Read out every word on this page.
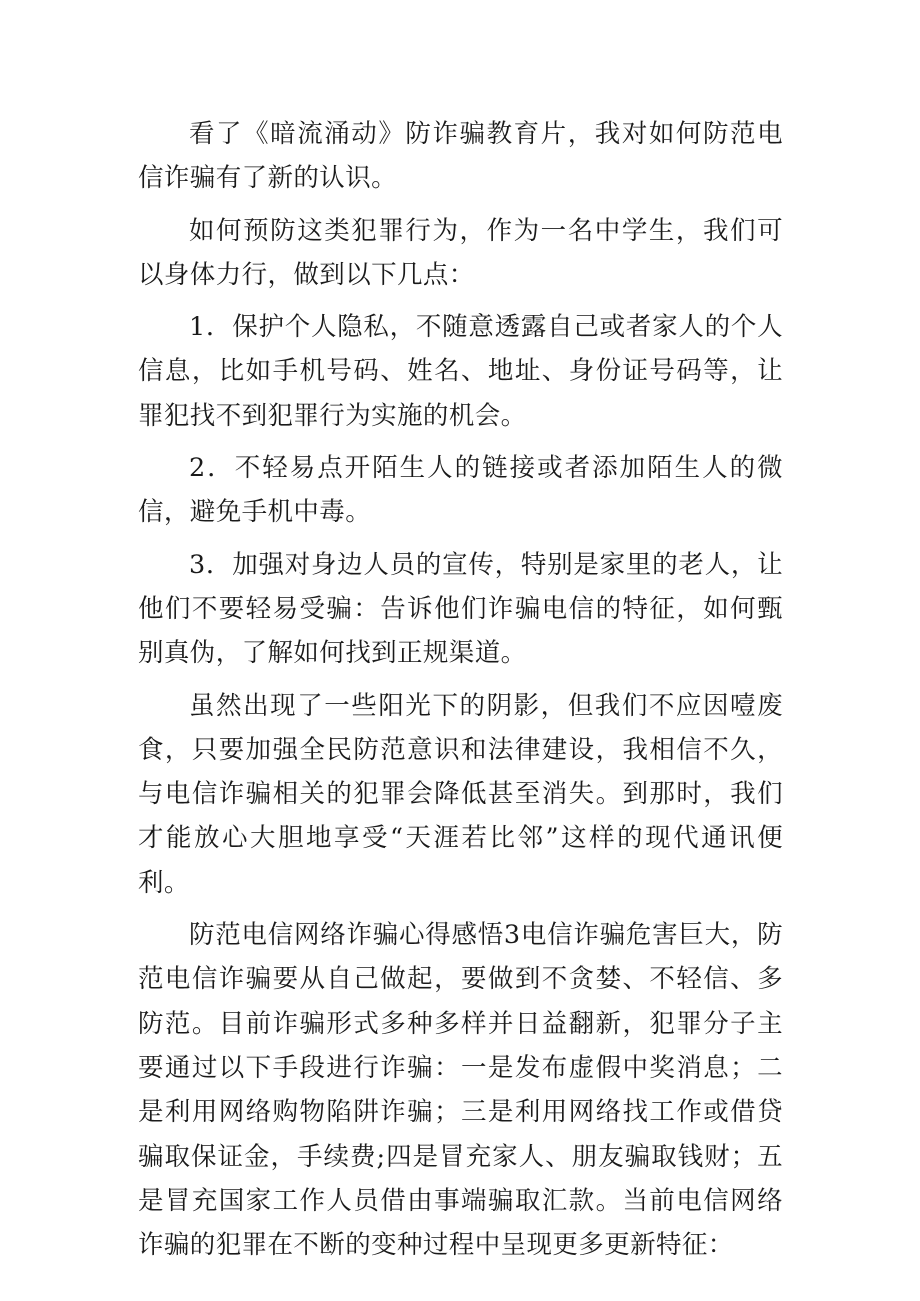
看了《暗流涌动》防诈骗教育片，我对如何防范电信诈骗有了新的认识。

如何预防这类犯罪行为，作为一名中学生，我们可以身体力行，做到以下几点：

1．保护个人隐私，不随意透露自己或者家人的个人信息，比如手机号码、姓名、地址、身份证号码等，让罪犯找不到犯罪行为实施的机会。

2．不轻易点开陌生人的链接或者添加陌生人的微信，避免手机中毒。

3．加强对身边人员的宣传，特别是家里的老人，让他们不要轻易受骗：告诉他们诈骗电信的特征，如何甄别真伪，了解如何找到正规渠道。

虽然出现了一些阳光下的阴影，但我们不应因噎废食，只要加强全民防范意识和法律建设，我相信不久，与电信诈骗相关的犯罪会降低甚至消失。到那时，我们才能放心大胆地享受“天涯若比邻”这样的现代通讯便利。

防范电信网络诈骗心得感悟3电信诈骗危害巨大，防范电信诈骗要从自己做起，要做到不贪婪、不轻信、多防范。目前诈骗形式多种多样并日益翻新，犯罪分子主要通过以下手段进行诈骗：一是发布虚假中奖消息；二是利用网络购物陷阱诈骗；三是利用网络找工作或借贷骗取保证金，手续费;四是冒充家人、朋友骗取钱财；五是冒充国家工作人员借由事端骗取汇款。当前电信网络诈骗的犯罪在不断的变种过程中呈现更多更新特征：
